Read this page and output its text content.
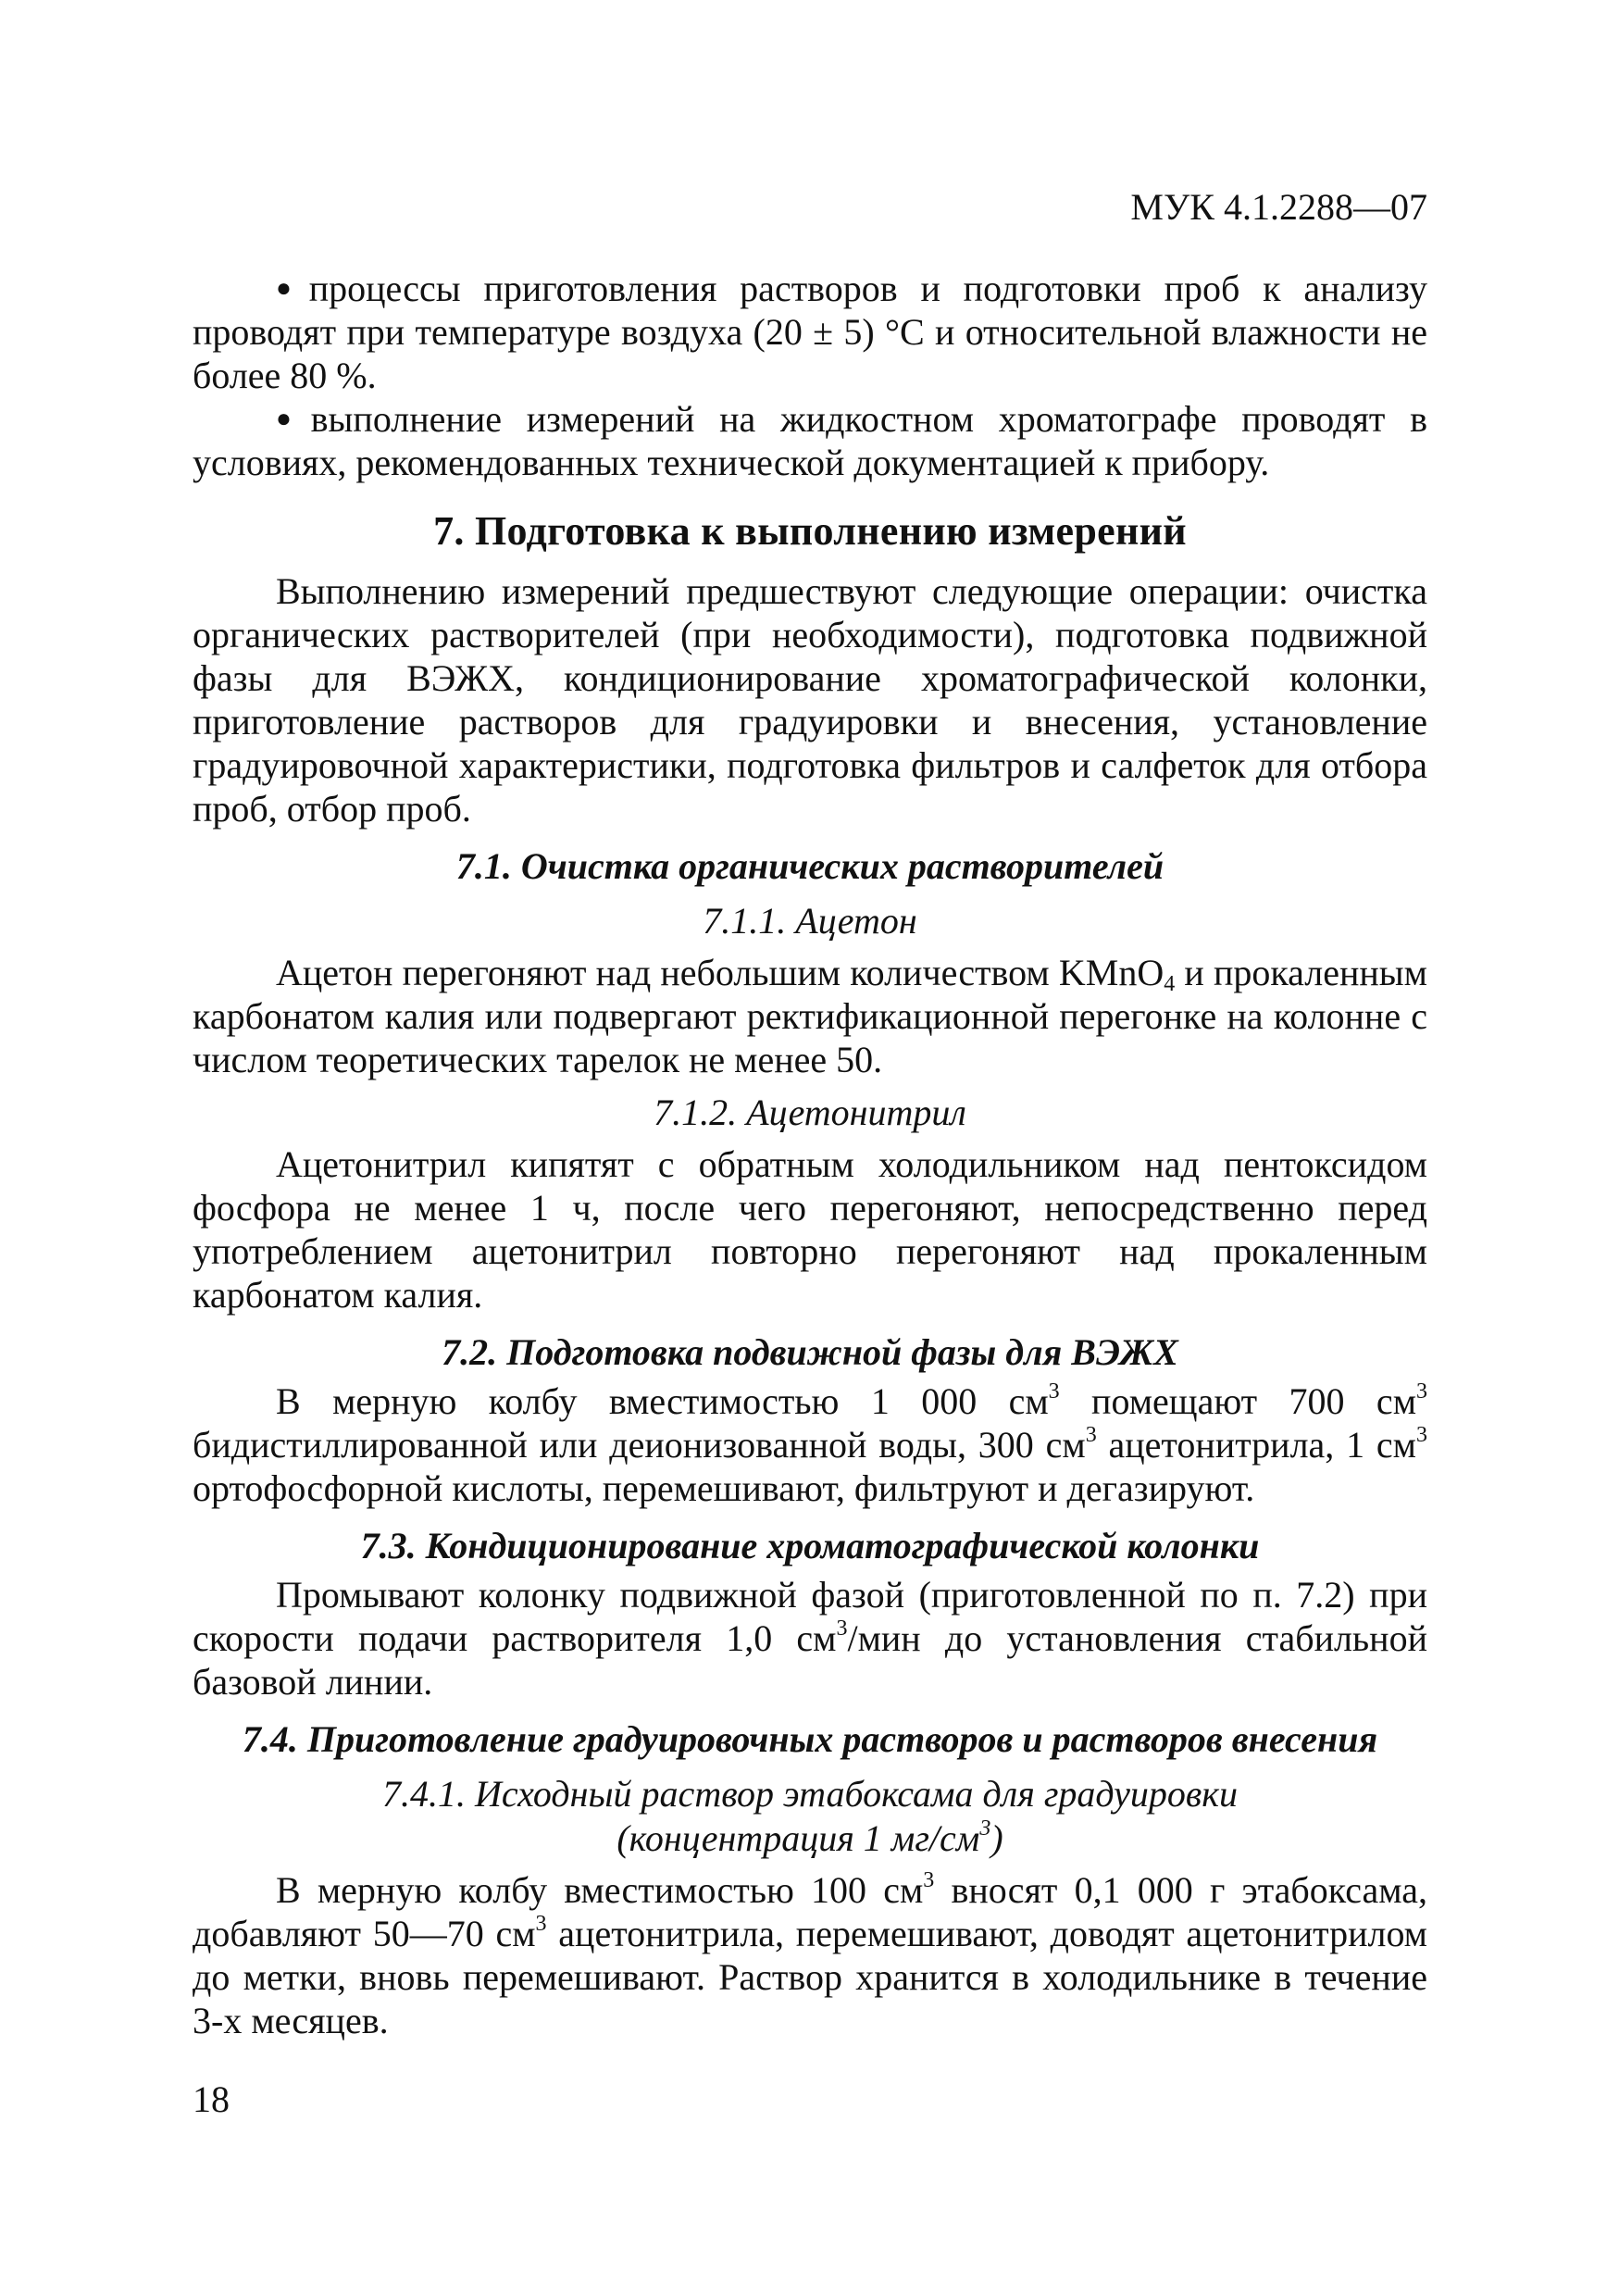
МУК 4.1.2288—07

● процессы приготовления растворов и подготовки проб к анализу проводят при температуре воздуха (20 ± 5) °С и относительной влажности не более 80 %.

● выполнение измерений на жидкостном хроматографе проводят в условиях, рекомендованных технической документацией к прибору.

7. Подготовка к выполнению измерений

Выполнению измерений предшествуют следующие операции: очистка органических растворителей (при необходимости), подготовка подвижной фазы для ВЭЖХ, кондиционирование хроматографической колонки, приготовление растворов для градуировки и внесения, установление градуировочной характеристики, подготовка фильтров и салфеток для отбора проб, отбор проб.

7.1. Очистка органических растворителей
7.1.1. Ацетон

Ацетон перегоняют над небольшим количеством KMnO$_4$ и прокаленным карбонатом калия или подвергают ректификационной перегонке на колонне с числом теоретических тарелок не менее 50.

7.1.2. Ацетонитрил

Ацетонитрил кипятят с обратным холодильником над пентоксидом фосфора не менее 1 ч, после чего перегоняют, непосредственно перед употреблением ацетонитрил повторно перегоняют над прокаленным карбонатом калия.

7.2. Подготовка подвижной фазы для ВЭЖХ

В мерную колбу вместимостью 1 000 $см^3$ помещают 700 $см^3$ бидистиллированной или деионизованной воды, 300 $см^3$ ацетонитрила, 1 $см^3$ ортофосфорной кислоты, перемешивают, фильтруют и дегазируют.

7.3. Кондиционирование хроматографической колонки

Промывают колонку подвижной фазой (приготовленной по п. 7.2) при скорости подачи растворителя 1,0 $см^3$/мин до установления стабильной базовой линии.

7.4. Приготовление градуировочных растворов и растворов внесения
7.4.1. Исходный раствор этабоксама для градуировки
(концентрация 1 $мг/см^3$)

В мерную колбу вместимостью 100 $см^3$ вносят 0,1 000 г этабоксама, добавляют 50—70 $см^3$ ацетонитрила, перемешивают, доводят ацетонитрилом до метки, вновь перемешивают. Раствор хранится в холодильнике в течение 3-х месяцев.

18
